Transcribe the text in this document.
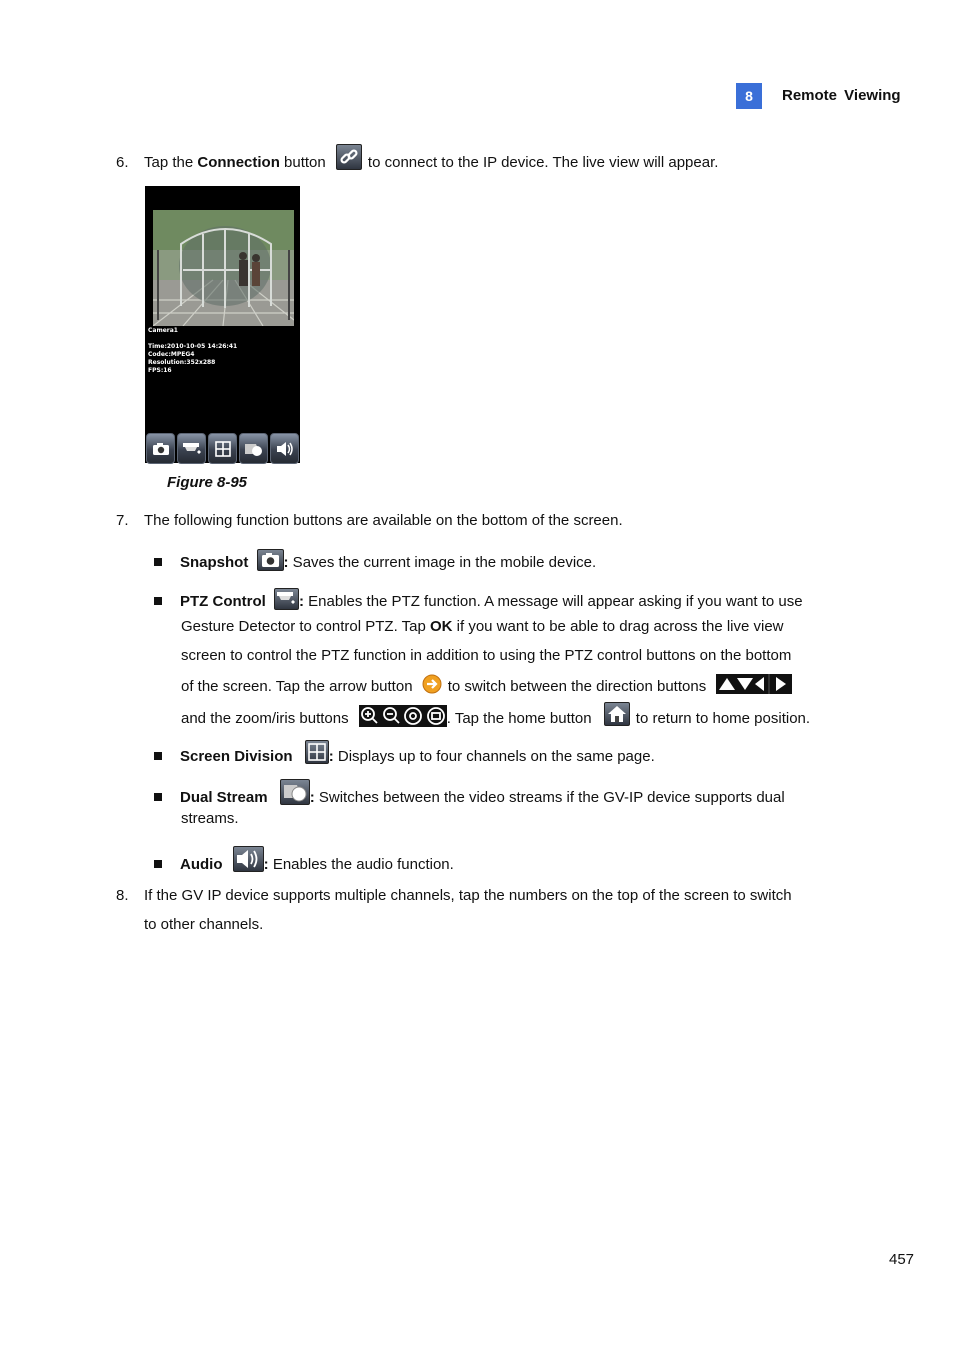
8	Remote Viewing
6. Tap the Connection button	to connect to the IP device. The live view will appear.
Camera1
Time:2010-10-05 14:26:41
Codec:MPEG4
Resolution:352x288
FPS:16
Figure 8-95
7. The following function buttons are available on the bottom of the screen.
Snapshot : Saves the current image in the mobile device.
PTZ Control : Enables the PTZ function. A message will appear asking if you want to use
Gesture Detector to control PTZ. Tap OK if you want to be able to drag across the live view
screen to control the PTZ function in addition to using the PTZ control buttons on the bottom
of the screen. Tap the arrow button to switch between the direction buttons
and the zoom/iris buttons	. Tap the home button	to return to home position.
Screen Division : Displays up to four channels on the same page.
Dual Stream	: Switches between the video streams if the GV-IP device supports dual
streams.
Audio	: Enables the audio function.
8. If the GV IP device supports multiple channels, tap the numbers on the top of the screen to switch
to other channels.
457
